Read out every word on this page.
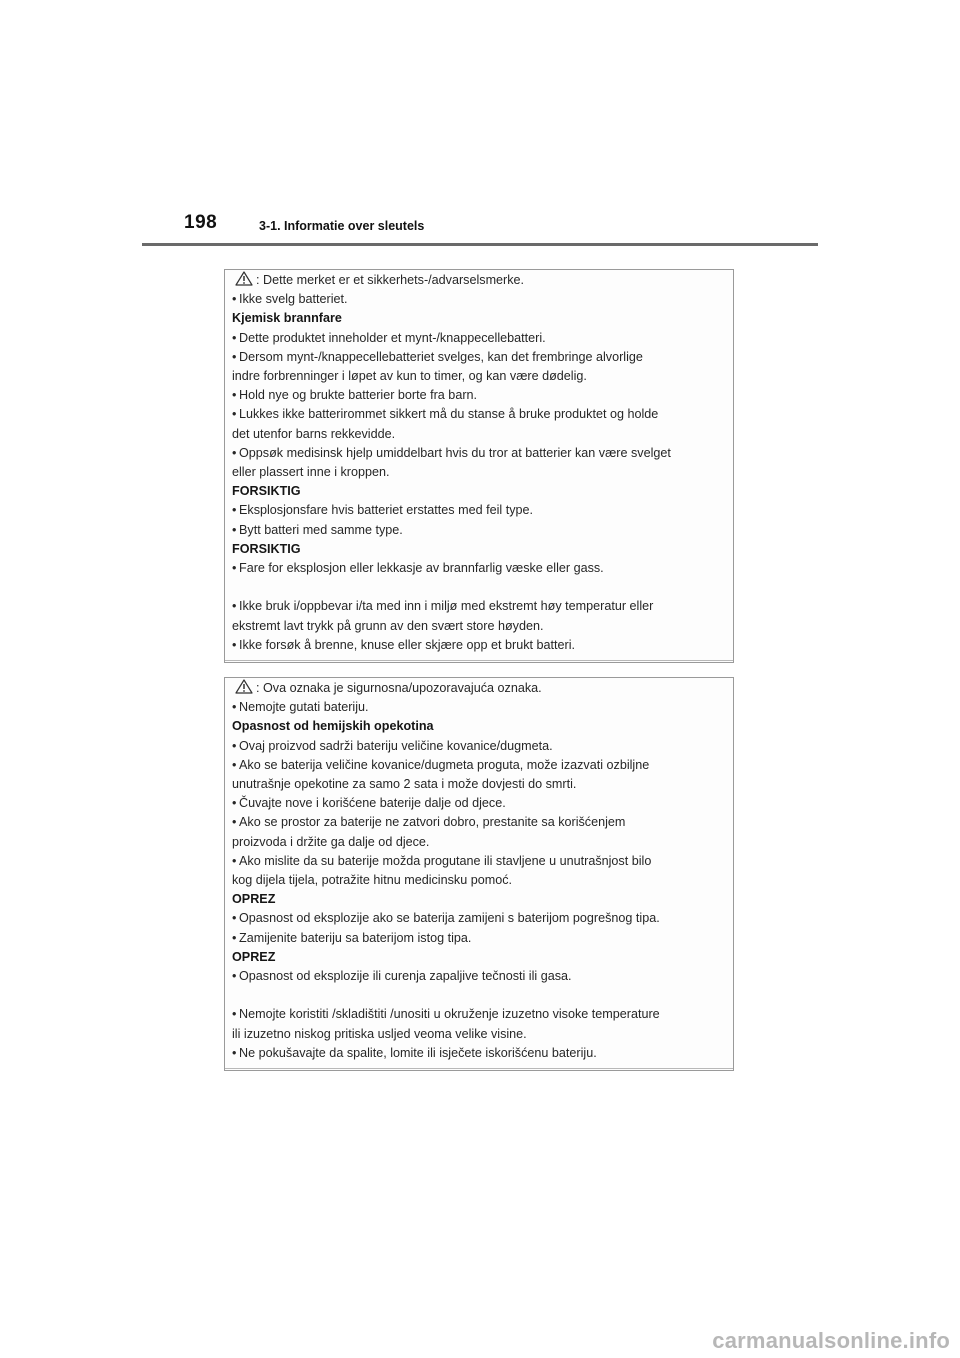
198	3-1. Informatie over sleutels
: Dette merket er et sikkerhets-/advarselsmerke.
• Ikke svelg batteriet.
Kjemisk brannfare
• Dette produktet inneholder et mynt-/knappecellebatteri.
• Dersom mynt-/knappecellebatteriet svelges, kan det frembringe alvorlige
indre forbrenninger i løpet av kun to timer, og kan være dødelig.
• Hold nye og brukte batterier borte fra barn.
• Lukkes ikke batterirommet sikkert må du stanse å bruke produktet og holde
det utenfor barns rekkevidde.
• Oppsøk medisinsk hjelp umiddelbart hvis du tror at batterier kan være svelget
eller plassert inne i kroppen.
FORSIKTIG
• Eksplosjonsfare hvis batteriet erstattes med feil type.
• Bytt batteri med samme type.
FORSIKTIG
• Fare for eksplosjon eller lekkasje av brannfarlig væske eller gass.
• Ikke bruk i/oppbevar i/ta med inn i miljø med ekstremt høy temperatur eller
ekstremt lavt trykk på grunn av den svært store høyden.
• Ikke forsøk å brenne, knuse eller skjære opp et brukt batteri.
: Ova oznaka je sigurnosna/upozoravajuća oznaka.
• Nemojte gutati bateriju.
Opasnost od hemijskih opekotina
• Ovaj proizvod sadrži bateriju veličine kovanice/dugmeta.
• Ako se baterija veličine kovanice/dugmeta proguta, može izazvati ozbiljne
unutrašnje opekotine za samo 2 sata i može dovjesti do smrti.
• Čuvajte nove i korišćene baterije dalje od djece.
• Ako se prostor za baterije ne zatvori dobro, prestanite sa korišćenjem
proizvoda i držite ga dalje od djece.
• Ako mislite da su baterije možda progutane ili stavljene u unutrašnjost bilo
kog dijela tijela, potražite hitnu medicinsku pomoć.
OPREZ
• Opasnost od eksplozije ako se baterija zamijeni s baterijom pogrešnog tipa.
• Zamijenite bateriju sa baterijom istog tipa.
OPREZ
• Opasnost od eksplozije ili curenja zapaljive tečnosti ili gasa.
• Nemojte koristiti /skladištiti /unositi u okruženje izuzetno visoke temperature
ili izuzetno niskog pritiska usljed veoma velike visine.
• Ne pokušavajte da spalite, lomite ili isječete iskorišćenu bateriju.
carmanualsonline.info
